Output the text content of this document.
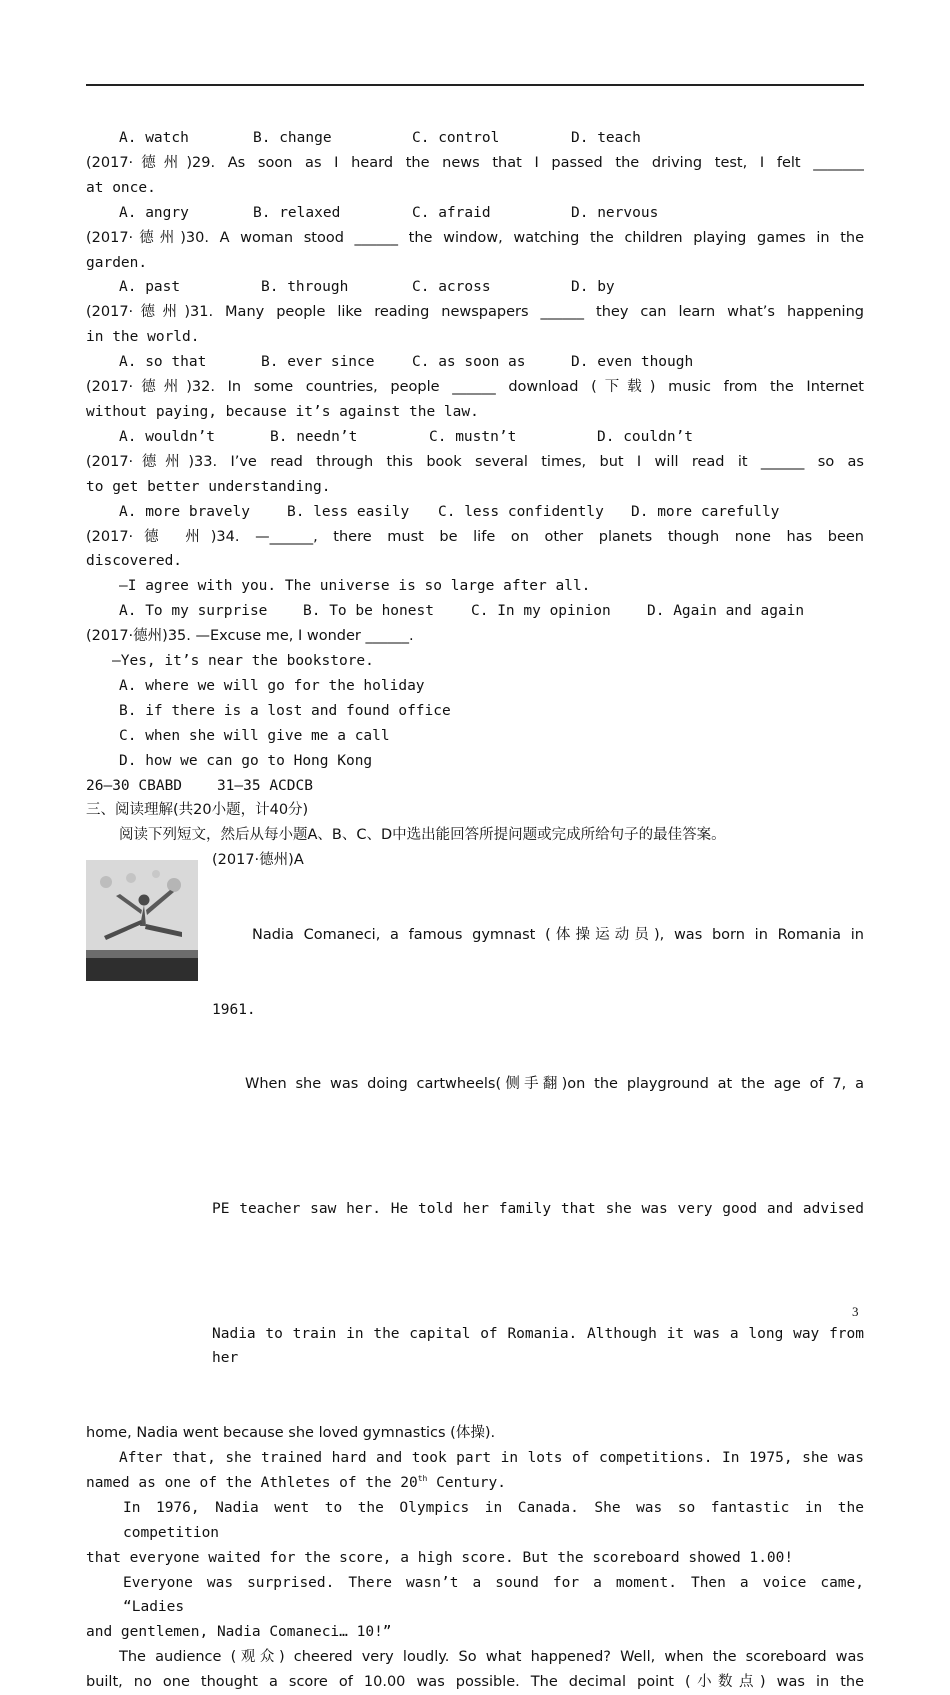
A. watch	B. change	C. control	D. teach
(2017·德州)29. As soon as I heard the news that I passed the driving test, I felt _______
at once.
A. angry	B. relaxed	C. afraid	D. nervous
(2017·德州)30. A woman stood ______ the window, watching the children playing games in the
garden.
A. past	B. through	C. across	D. by
(2017·德州)31. Many people like reading newspapers ______ they can learn what’s happening
in the world.
A. so that	B. ever since	C. as soon as	D. even though
(2017·德州)32. In some countries, people ______ download (下载) music from the Internet
without paying, because it’s against the law.
A. wouldn’t	B. needn’t	C. mustn’t	D. couldn’t
(2017·德州)33. I’ve read through this book several times, but I will read it ______ so as
to get better understanding.
A. more bravely	B. less easily	C. less confidently	D. more carefully
(2017·德 州)34. —______, there must be life on other planets though none has been
discovered.
—I agree with you. The universe is so large after all.
A. To my surprise	B. To be honest	C. In my opinion	D. Again and again
(2017·德州)35. —Excuse me, I wonder ______.
—Yes, it’s near the bookstore.
A. where we will go for the holiday
B. if there is a lost and found office
C. when she will give me a call
D. how we can go to Hong Kong
26—30 CBABD    31—35 ACDCB
三、阅读理解(共20小题，计40分)
阅读下列短文，然后从每小题A、B、C、D中选出能回答所提问题或完成所给句子的最佳答案。
(2017·德州)A

Nadia Comaneci, a famous gymnast (体操运动员), was born in Romania in

1961.

When she was doing cartwheels(侧手翻)on the playground at the age of 7, a

PE teacher saw her. He told her family that she was very good and advised

Nadia to train in the capital of Romania. Although it was a long way from her

home, Nadia went because she loved gymnastics (体操).
After that, she trained hard and took part in lots of competitions. In 1975, she was
named as one of the Athletes of the 20th Century.
In 1976, Nadia went to the Olympics in Canada. She was so fantastic in the competition
that everyone waited for the score, a high score. But the scoreboard showed 1.00!
Everyone was surprised. There wasn’t a sound for a moment. Then a voice came, “Ladies
and gentlemen, Nadia Comaneci… 10!”
The audience (观众) cheered very loudly. So what happened? Well, when the scoreboard was
built, no one thought a score of 10.00 was possible. The decimal point (小数点) was in the
3
